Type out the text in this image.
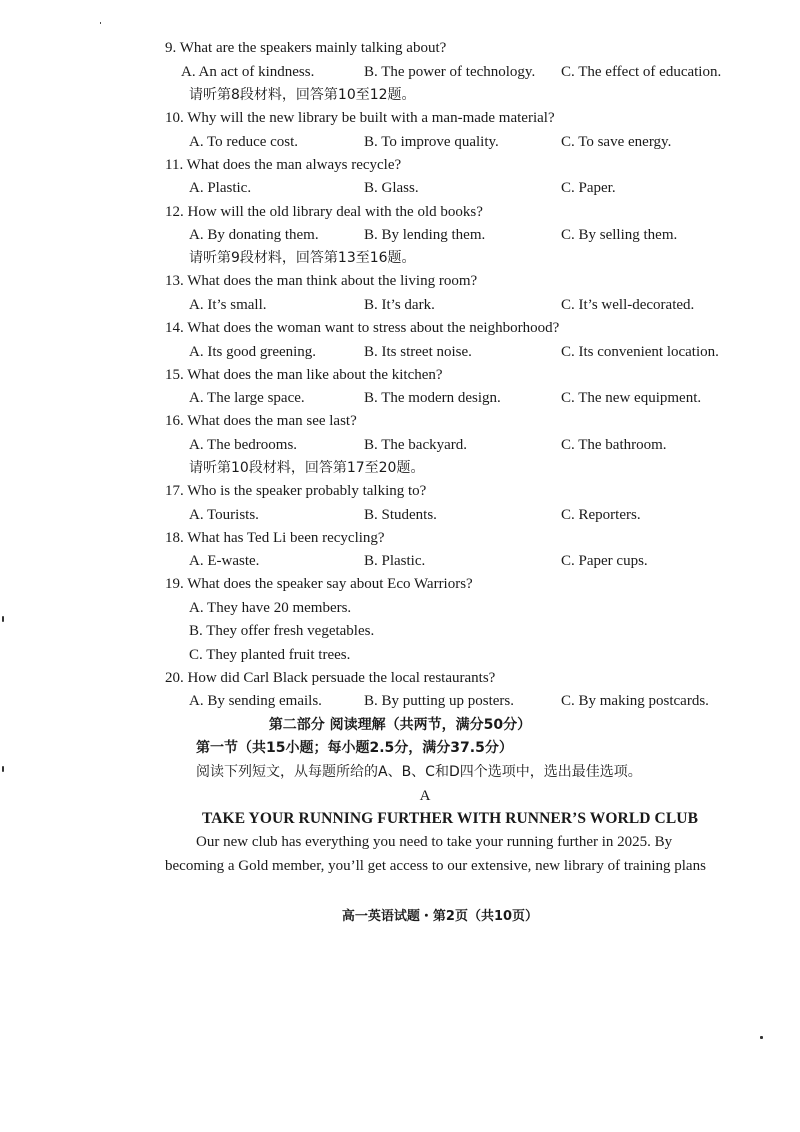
9. What are the speakers mainly talking about?
A. An act of kindness.	B. The power of technology. C. The effect of education.
请听第8段材料，回答第10至12题。
10. Why will the new library be built with a man-made material?
A. To reduce cost.	B. To improve quality.	C. To save energy.
11. What does the man always recycle?
A. Plastic.	B. Glass.	C. Paper.
12. How will the old library deal with the old books?
A. By donating them.	B. By lending them.	C. By selling them.
请听第9段材料，回答第13至16题。
13. What does the man think about the living room?
A. It’s small.	B. It’s dark.	C. It’s well-decorated.
14. What does the woman want to stress about the neighborhood?
A. Its good greening.	B. Its street noise.	C. Its convenient location.
15. What does the man like about the kitchen?
A. The large space.	B. The modern design.	C. The new equipment.
16. What does the man see last?
A. The bedrooms.	B. The backyard.	C. The bathroom.
请听第10段材料，回答第17至20题。
17. Who is the speaker probably talking to?
A. Tourists.	B. Students.	C. Reporters.
18. What has Ted Li been recycling?
A. E-waste.	B. Plastic.	C. Paper cups.
19. What does the speaker say about Eco Warriors?
A. They have 20 members.
B. They offer fresh vegetables.
C. They planted fruit trees.
20. How did Carl Black persuade the local restaurants?
A. By sending emails.	B. By putting up posters.	C. By making postcards.
第二部分 阅读理解（共两节，满分50分）
第一节（共15小题；每小题2.5分，满分37.5分）
阅读下列短文，从每题所给的A、B、C和D四个选项中，选出最佳选项。
A
TAKE YOUR RUNNING FURTHER WITH RUNNER’S WORLD CLUB
Our new club has everything you need to take your running further in 2025. By
becoming a Gold member, you’ll get access to our extensive, new library of training plans
高一英语试题・第2页（共10页）
